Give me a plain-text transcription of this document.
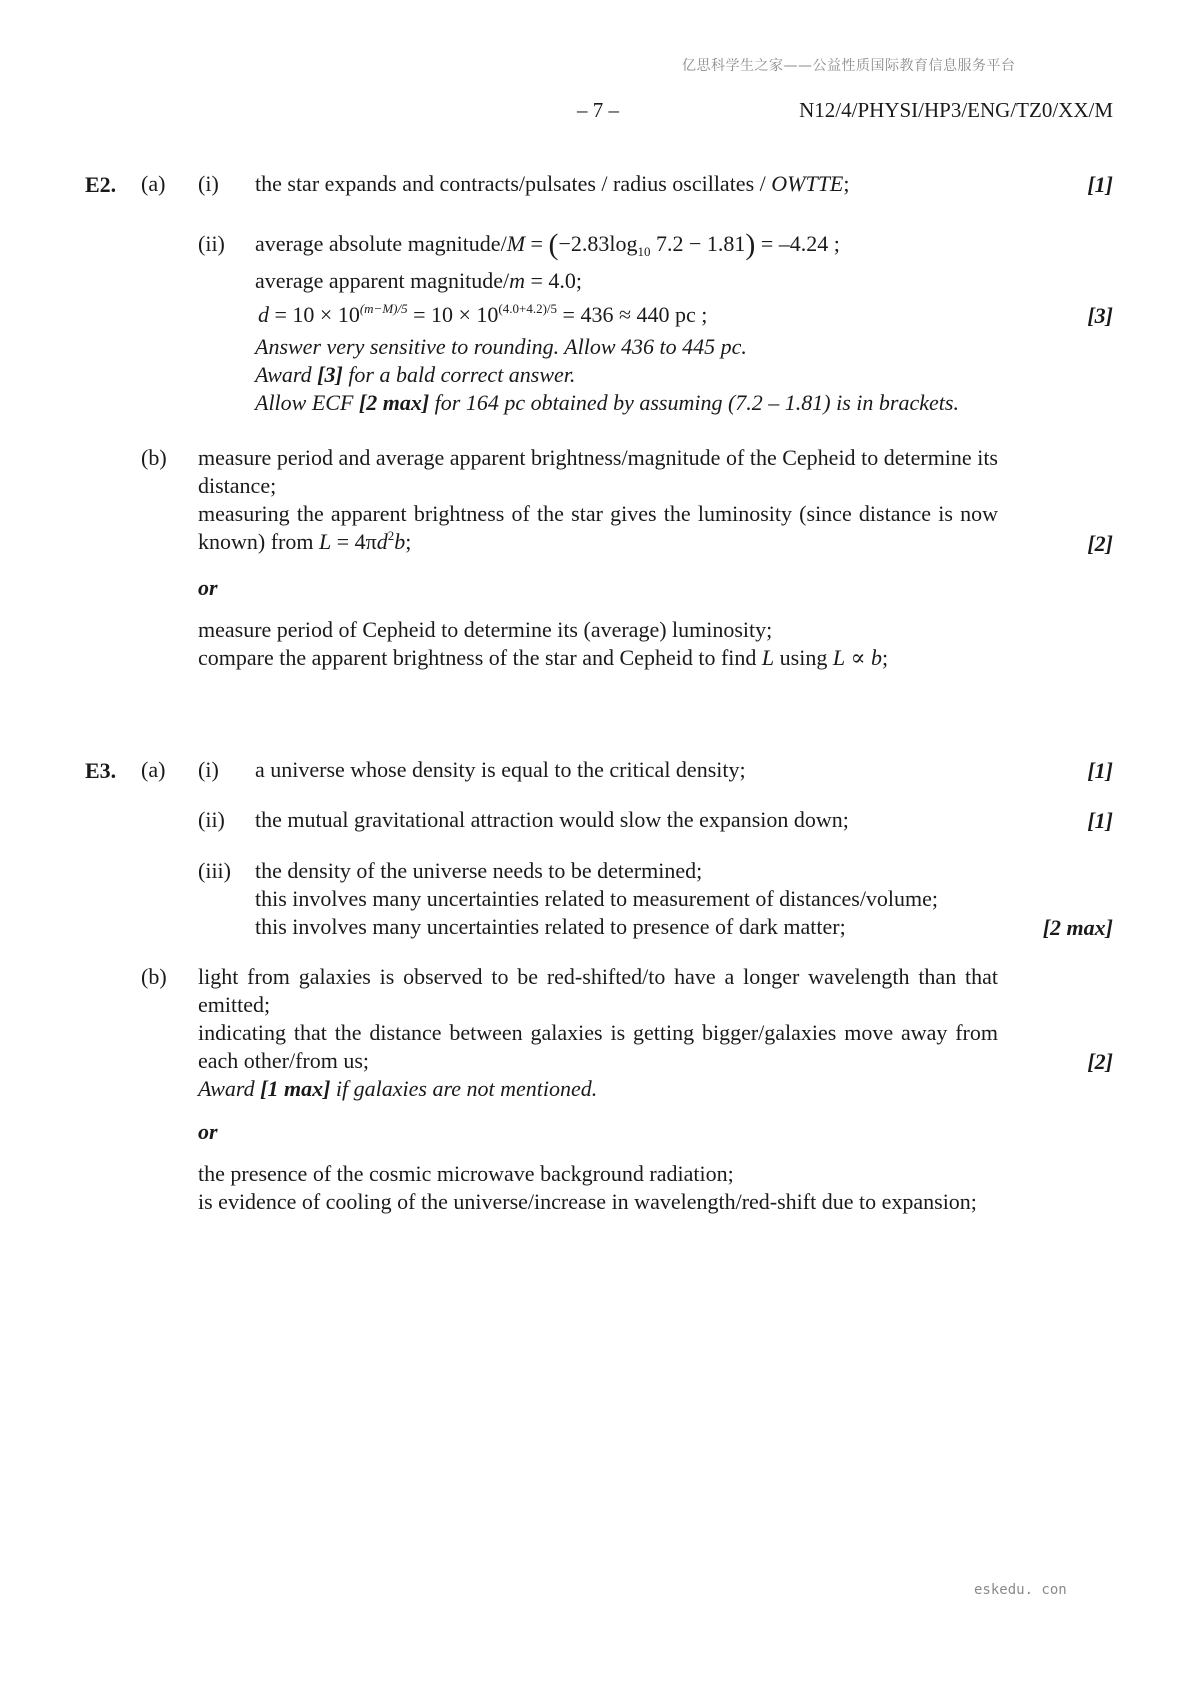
亿思科学生之家——公益性质国际教育信息服务平台
– 7 –	N12/4/PHYSI/HP3/ENG/TZ0/XX/M
E2. (a) (i) the star expands and contracts/pulsates / radius oscillates / OWTTE;	[1]
(ii) average absolute magnitude/M = ($-2.83\log_{10}$ 7.2 − 1.81) = –4.24 ;
average apparent magnitude/m = 4.0;
$d = 10 \times 10^{(m-M)/5} = 10 \times 10^{(4.0+4.2)/5} = 436 \approx 440$ pc ;	[3]
Answer very sensitive to rounding. Allow 436 to 445 pc.
Award [3] for a bald correct answer.
Allow ECF [2 max] for 164 pc obtained by assuming (7.2 – 1.81) is in brackets.
(b) measure period and average apparent brightness/magnitude of the Cepheid to determine its distance;
measuring the apparent brightness of the star gives the luminosity (since distance is now known) from $L = 4\pi d^2b$;	[2]
or
measure period of Cepheid to determine its (average) luminosity;
compare the apparent brightness of the star and Cepheid to find L using L ∝ b;
E3. (a) (i) a universe whose density is equal to the critical density;	[1]
(ii) the mutual gravitational attraction would slow the expansion down;	[1]
(iii) the density of the universe needs to be determined;
this involves many uncertainties related to measurement of distances/volume;
this involves many uncertainties related to presence of dark matter;	[2 max]
(b) light from galaxies is observed to be red-shifted/to have a longer wavelength than that emitted;
indicating that the distance between galaxies is getting bigger/galaxies move away from each other/from us;	[2]
Award [1 max] if galaxies are not mentioned.
or
the presence of the cosmic microwave background radiation;
is evidence of cooling of the universe/increase in wavelength/red-shift due to expansion;
eskedu. con
